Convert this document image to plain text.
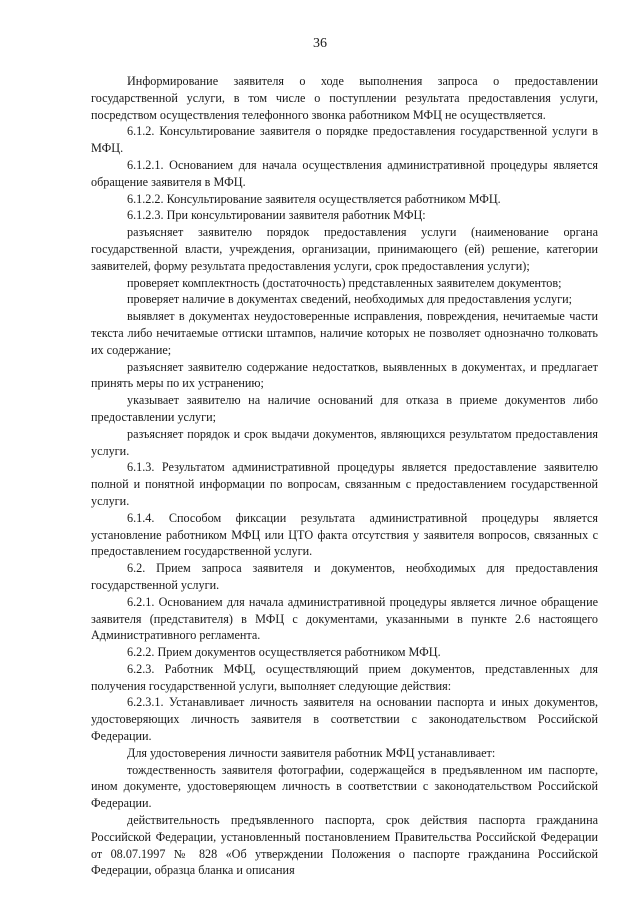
36

Информирование заявителя о ходе выполнения запроса о предоставлении государственной услуги, в том числе о поступлении результата предоставления услуги, посредством осуществления телефонного звонка работником МФЦ не осуществляется.

6.1.2. Консультирование заявителя о порядке предоставления государственной услуги в МФЦ.

6.1.2.1. Основанием для начала осуществления административной процедуры является обращение заявителя в МФЦ.

6.1.2.2. Консультирование заявителя осуществляется работником МФЦ.

6.1.2.3. При консультировании заявителя работник МФЦ:

разъясняет заявителю порядок предоставления услуги (наименование органа государственной власти, учреждения, организации, принимающего (ей) решение, категории заявителей, форму результата предоставления услуги, срок предоставления услуги);

проверяет комплектность (достаточность) представленных заявителем документов;

проверяет наличие в документах сведений, необходимых для предоставления услуги;

выявляет в документах неудостоверенные исправления, повреждения, нечитаемые части текста либо нечитаемые оттиски штампов, наличие которых не позволяет однозначно толковать их содержание;

разъясняет заявителю содержание недостатков, выявленных в документах, и предлагает принять меры по их устранению;

указывает заявителю на наличие оснований для отказа в приеме документов либо предоставлении услуги;

разъясняет порядок и срок выдачи документов, являющихся результатом предоставления услуги.

6.1.3. Результатом административной процедуры является предоставление заявителю полной и понятной информации по вопросам, связанным с предоставлением государственной услуги.

6.1.4. Способом фиксации результата административной процедуры является установление работником МФЦ или ЦТО факта отсутствия у заявителя вопросов, связанных с предоставлением государственной услуги.

6.2. Прием запроса заявителя и документов, необходимых для предоставления государственной услуги.

6.2.1. Основанием для начала административной процедуры является личное обращение заявителя (представителя) в МФЦ с документами, указанными в пункте 2.6 настоящего Административного регламента.

6.2.2. Прием документов осуществляется работником МФЦ.

6.2.3. Работник МФЦ, осуществляющий прием документов, представленных для получения государственной услуги, выполняет следующие действия:

6.2.3.1. Устанавливает личность заявителя на основании паспорта и иных документов, удостоверяющих личность заявителя в соответствии с законодательством Российской Федерации.

Для удостоверения личности заявителя работник МФЦ устанавливает:

тождественность заявителя фотографии, содержащейся в предъявленном им паспорте, ином документе, удостоверяющем личность в соответствии с законодательством Российской Федерации.

действительность предъявленного паспорта, срок действия паспорта гражданина Российской Федерации, установленный постановлением Правительства Российской Федерации от 08.07.1997 № 828 «Об утверждении Положения о паспорте гражданина Российской Федерации, образца бланка и описания
